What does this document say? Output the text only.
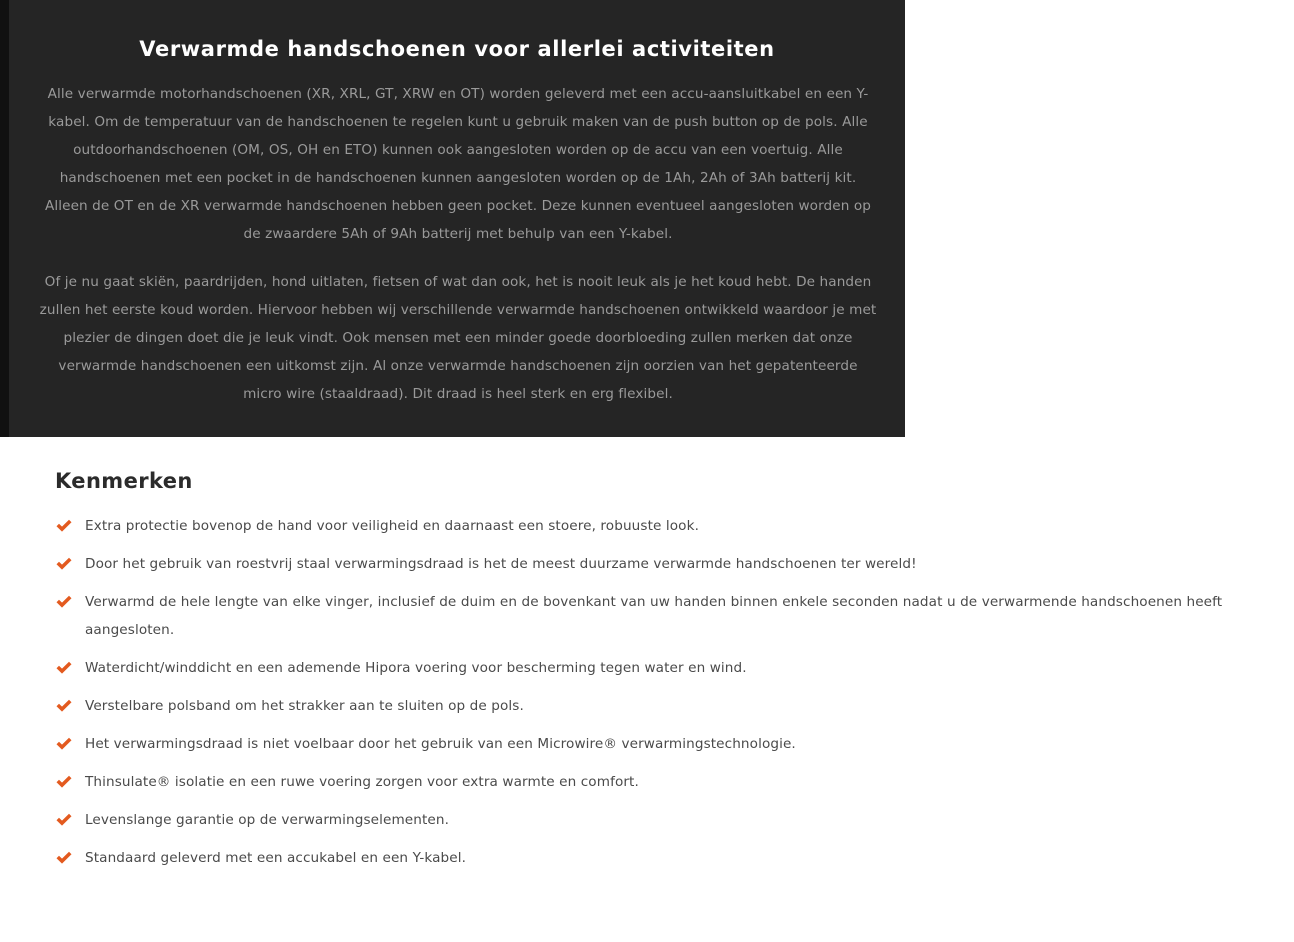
Verwarmde handschoenen voor allerlei activiteiten

Alle verwarmde motorhandschoenen (XR, XRL, GT, XRW en OT) worden geleverd met een accu-aansluitkabel en een Y-kabel. Om de temperatuur van de handschoenen te regelen kunt u gebruik maken van de push button op de pols. Alle outdoorhandschoenen (OM, OS, OH en ETO) kunnen ook aangesloten worden op de accu van een voertuig. Alle handschoenen met een pocket in de handschoenen kunnen aangesloten worden op de 1Ah, 2Ah of 3Ah batterij kit. Alleen de OT en de XR verwarmde handschoenen hebben geen pocket. Deze kunnen eventueel aangesloten worden op de zwaardere 5Ah of 9Ah batterij met behulp van een Y-kabel.

Of je nu gaat skiën, paardrijden, hond uitlaten, fietsen of wat dan ook, het is nooit leuk als je het koud hebt. De handen zullen het eerste koud worden. Hiervoor hebben wij verschillende verwarmde handschoenen ontwikkeld waardoor je met plezier de dingen doet die je leuk vindt. Ook mensen met een minder goede doorbloeding zullen merken dat onze verwarmde handschoenen een uitkomst zijn. Al onze verwarmde handschoenen zijn oorzien van het gepatenteerde micro wire (staaldraad). Dit draad is heel sterk en erg flexibel.

Kenmerken
Extra protectie bovenop de hand voor veiligheid en daarnaast een stoere, robuuste look.
Door het gebruik van roestvrij staal verwarmingsdraad is het de meest duurzame verwarmde handschoenen ter wereld!
Verwarmd de hele lengte van elke vinger, inclusief de duim en de bovenkant van uw handen binnen enkele seconden nadat u de verwarmende handschoenen heeft aangesloten.
Waterdicht/winddicht en een ademende Hipora voering voor bescherming tegen water en wind.
Verstelbare polsband om het strakker aan te sluiten op de pols.
Het verwarmingsdraad is niet voelbaar door het gebruik van een Microwire® verwarmingstechnologie.
Thinsulate® isolatie en een ruwe voering zorgen voor extra warmte en comfort.
Levenslange garantie op de verwarmingselementen.
Standaard geleverd met een accukabel en een Y-kabel.
